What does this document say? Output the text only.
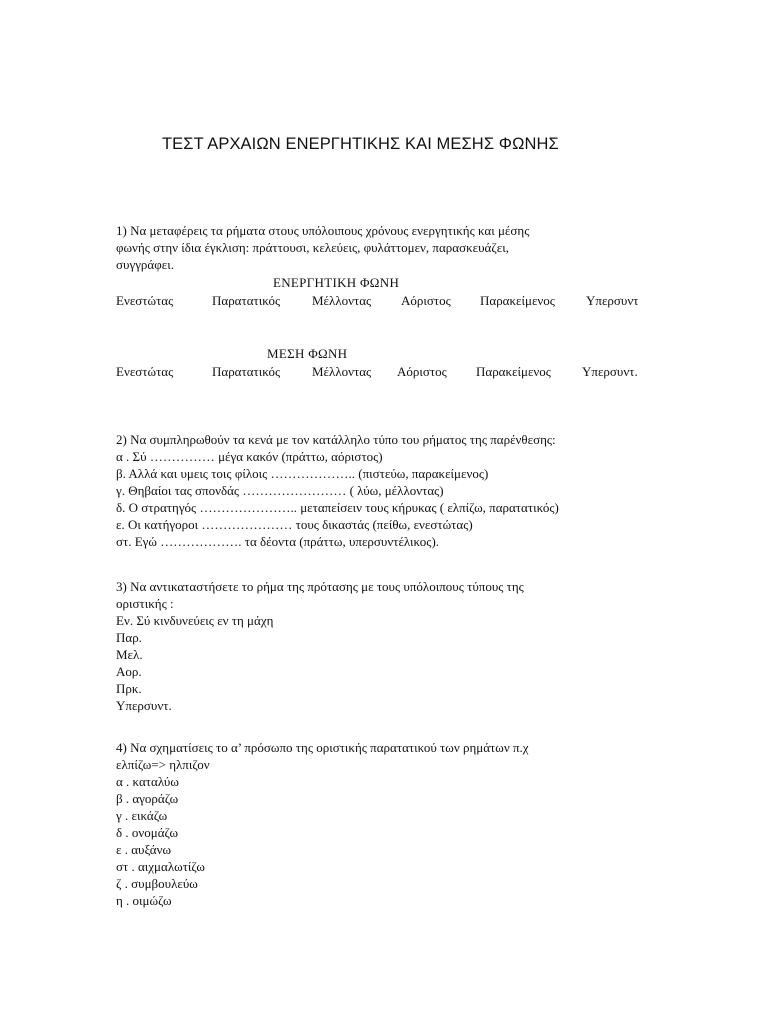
ΤΕΣΤ ΑΡΧΑΙΩΝ ΕΝΕΡΓΗΤΙΚΗΣ ΚΑΙ ΜΕΣΗΣ ΦΩΝΗΣ
1) Να μεταφέρεις τα ρήματα στους υπόλοιπους χρόνους ενεργητικής και μέσης
φωνής στην ίδια έγκλιση: πράττουσι, κελεύεις, φυλάττομεν, παρασκευάζει,
συγγράφει.
ΕΝΕΡΓΗΤΙΚΗ ΦΩΝΗ
Ενεστώτας	Παρατατικός Μέλλοντας Αόριστος Παρακείμενος Υπερσυντ
ΜΕΣΗ ΦΩΝΗ
Ενεστώτας	Παρατατικός Μέλλοντας Αόριστος Παρακείμενος Υπερσυντ.
2) Να συμπληρωθούν τα κενά με τον κατάλληλο τύπο του ρήματος της παρένθεσης:
α . Σύ …………… μέγα κακόν (πράττω, αόριστος)
β. Αλλά και υμεις τοις φίλοις ……………….. (πιστεύω, παρακείμενος)
γ. Θηβαίοι τας σπονδάς …………………… ( λύω, μέλλοντας)
δ. Ο στρατηγός ………………….. μεταπείσειν τους κήρυκας ( ελπίζω, παρατατικός)
ε. Οι κατήγοροι ………………… τους δικαστάς (πείθω, ενεστώτας)
στ. Εγώ ………………. τα δέοντα (πράττω, υπερσυντέλικος).
3) Να αντικαταστήσετε το ρήμα της πρότασης με τους υπόλοιπους τύπους της
οριστικής :
Εν. Σύ κινδυνεύεις εν τη μάχη
Παρ.
Μελ.
Αορ.
Πρκ.
Υπερσυντ.
4) Να σχηματίσεις το α’ πρόσωπο της οριστικής παρατατικού των ρημάτων π.χ
ελπίζω=> ηλπιζον
α . καταλύω
β . αγοράζω
γ . εικάζω
δ . ονομάζω
ε . αυξάνω
στ . αιχμαλωτίζω
ζ . συμβουλεύω
η . οιμώζω
